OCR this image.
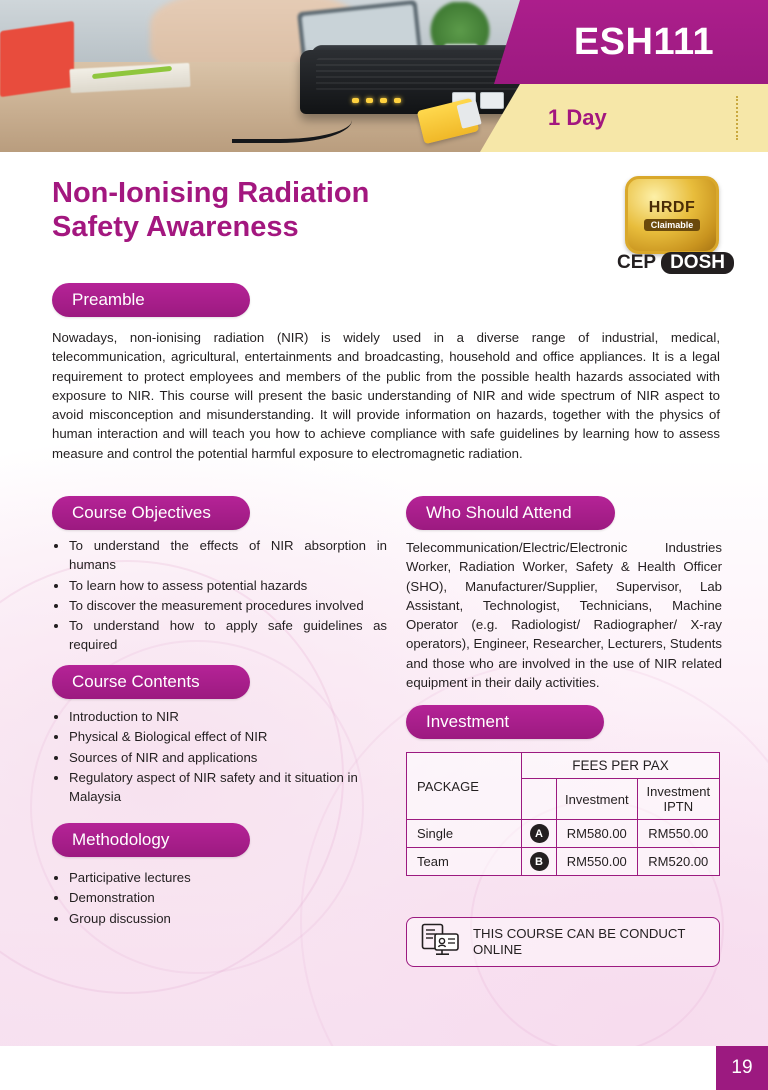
ESH111
1 Day
Non-Ionising Radiation
Safety Awareness
HRDF
Claimable
CEP DOSH
Preamble
Nowadays, non-ionising radiation (NIR) is widely used in a diverse range of industrial, medical, telecommunication, agricultural, entertainments and broadcasting, household and office appliances. It is a legal requirement to protect employees and members of the public from the possible health hazards associated with exposure to NIR. This course will present the basic understanding of NIR and wide spectrum of NIR aspect to avoid misconception and misunderstanding. It will provide information on hazards, together with the physics of human interaction and will teach you how to achieve compliance with safe guidelines by learning how to assess measure and control the potential harmful exposure to electromagnetic radiation.
Course Objectives
• To understand the effects of NIR absorption in humans
• To learn how to assess potential hazards
• To discover the measurement procedures involved
• To understand how to apply safe guidelines as required
Course Contents
• Introduction to NIR
• Physical & Biological effect of NIR
• Sources of NIR and applications
• Regulatory aspect of NIR safety and it situation in Malaysia
Methodology
• Participative lectures
• Demonstration
• Group discussion
Who Should Attend
Telecommunication/Electric/Electronic Industries Worker, Radiation Worker, Safety & Health Officer (SHO), Manufacturer/Supplier, Supervisor, Lab Assistant, Technologist, Technicians, Machine Operator (e.g. Radiologist/ Radiographer/ X-ray operators), Engineer, Researcher, Lecturers, Students and those who are involved in the use of NIR related equipment in their daily activities.
Investment
PACKAGE	FEES PER PAX		
		Investment	Investment IPTN
Single	A	RM580.00	RM550.00
Team	B	RM550.00	RM520.00
THIS COURSE CAN BE CONDUCT ONLINE
19
